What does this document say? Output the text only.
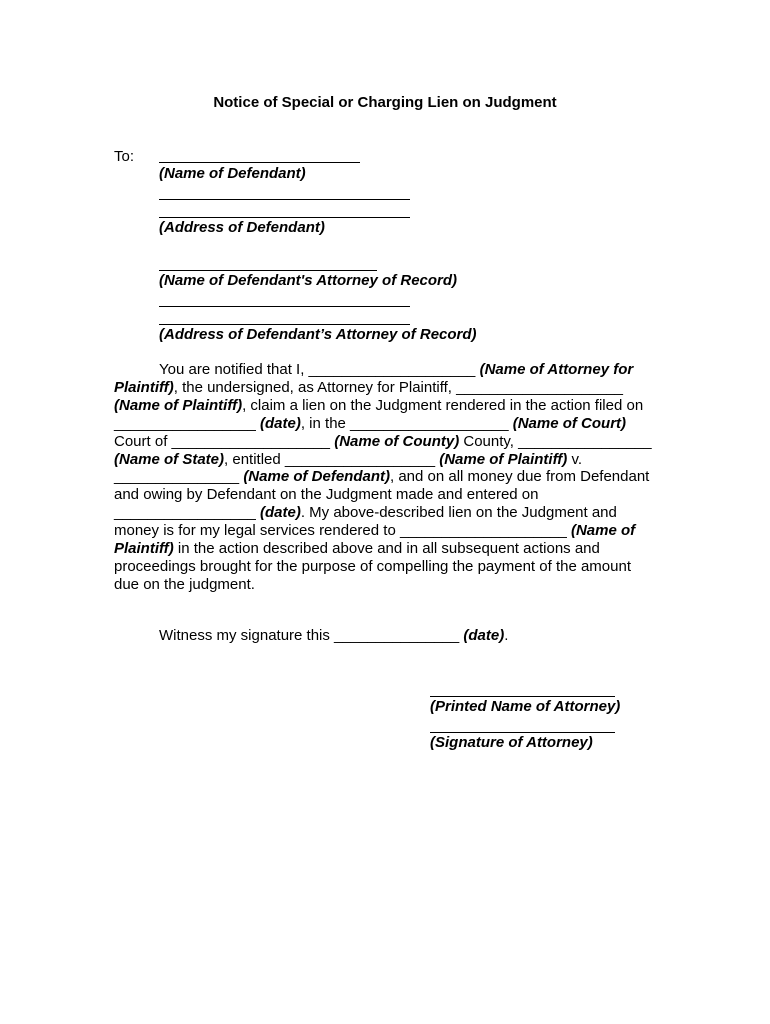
Notice of Special or Charging Lien on Judgment
To:
(Name of Defendant)
(Address of Defendant)
(Name of Defendant's Attorney of Record)
(Address of Defendant’s Attorney of Record)
You are notified that I, ____________________ (Name of Attorney for Plaintiff), the undersigned, as Attorney for Plaintiff, ____________________ (Name of Plaintiff), claim a lien on the Judgment rendered in the action filed on _________________ (date), in the ___________________ (Name of Court) Court of ___________________ (Name of County) County, ________________ (Name of State), entitled __________________ (Name of Plaintiff) v. _______________ (Name of Defendant), and on all money due from Defendant and owing by Defendant on the Judgment made and entered on _________________ (date). My above-described lien on the Judgment and money is for my legal services rendered to ____________________ (Name of Plaintiff) in the action described above and in all subsequent actions and proceedings brought for the purpose of compelling the payment of the amount due on the judgment.
Witness my signature this _______________ (date).
(Printed Name of Attorney)
(Signature of Attorney)
